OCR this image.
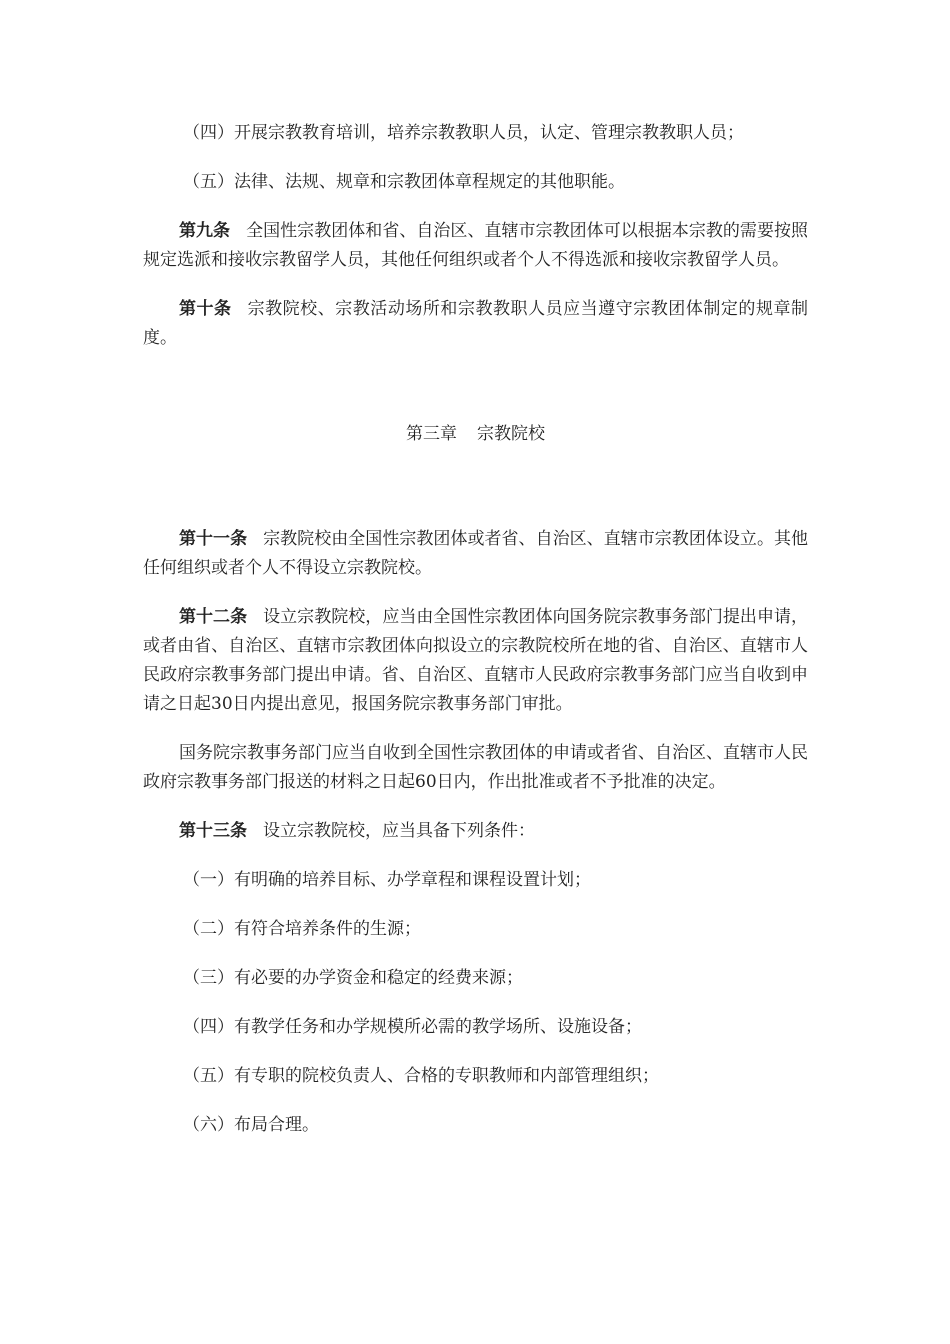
（四）开展宗教教育培训，培养宗教教职人员，认定、管理宗教教职人员；

（五）法律、法规、规章和宗教团体章程规定的其他职能。

第九条 全国性宗教团体和省、自治区、直辖市宗教团体可以根据本宗教的需要按照规定选派和接收宗教留学人员，其他任何组织或者个人不得选派和接收宗教留学人员。

第十条 宗教院校、宗教活动场所和宗教教职人员应当遵守宗教团体制定的规章制度。

第三章 宗教院校

第十一条 宗教院校由全国性宗教团体或者省、自治区、直辖市宗教团体设立。其他任何组织或者个人不得设立宗教院校。

第十二条 设立宗教院校，应当由全国性宗教团体向国务院宗教事务部门提出申请，或者由省、自治区、直辖市宗教团体向拟设立的宗教院校所在地的省、自治区、直辖市人民政府宗教事务部门提出申请。省、自治区、直辖市人民政府宗教事务部门应当自收到申请之日起30日内提出意见，报国务院宗教事务部门审批。

国务院宗教事务部门应当自收到全国性宗教团体的申请或者省、自治区、直辖市人民政府宗教事务部门报送的材料之日起60日内，作出批准或者不予批准的决定。

第十三条 设立宗教院校，应当具备下列条件：

（一）有明确的培养目标、办学章程和课程设置计划；

（二）有符合培养条件的生源；

（三）有必要的办学资金和稳定的经费来源；

（四）有教学任务和办学规模所必需的教学场所、设施设备；

（五）有专职的院校负责人、合格的专职教师和内部管理组织；

（六）布局合理。
